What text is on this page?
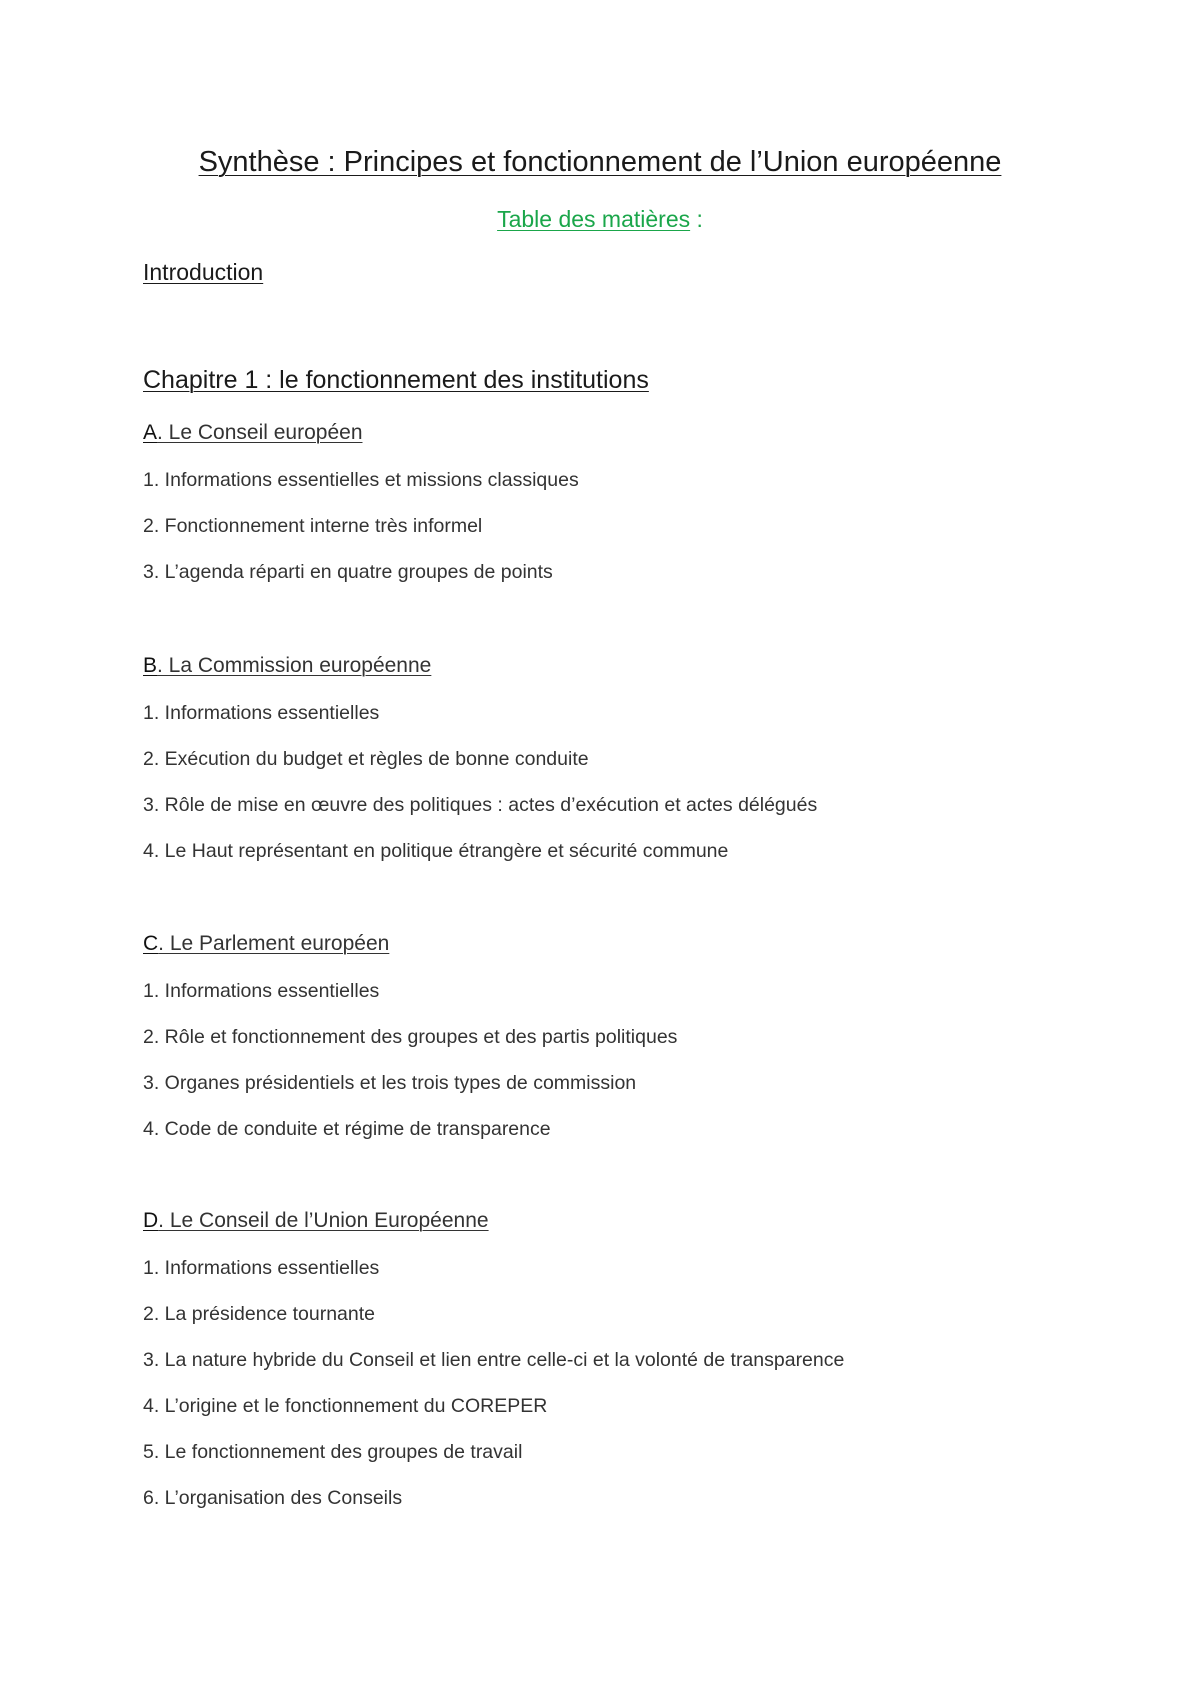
Synthèse : Principes et fonctionnement de l’Union européenne
Table des matières :
Introduction
Chapitre 1 : le fonctionnement des institutions
A. Le Conseil européen
1. Informations essentielles et missions classiques
2. Fonctionnement interne très informel
3. L’agenda réparti en quatre groupes de points
B. La Commission européenne
1. Informations essentielles
2. Exécution du budget et règles de bonne conduite
3. Rôle de mise en œuvre des politiques : actes d’exécution et actes délégués
4. Le Haut représentant en politique étrangère et sécurité commune
C. Le Parlement européen
1. Informations essentielles
2. Rôle et fonctionnement des groupes et des partis politiques
3. Organes présidentiels et les trois types de commission
4. Code de conduite et régime de transparence
D. Le Conseil de l’Union Européenne
1. Informations essentielles
2. La présidence tournante
3. La nature hybride du Conseil et lien entre celle-ci et la volonté de transparence
4. L’origine et le fonctionnement du COREPER
5. Le fonctionnement des groupes de travail
6. L’organisation des Conseils
